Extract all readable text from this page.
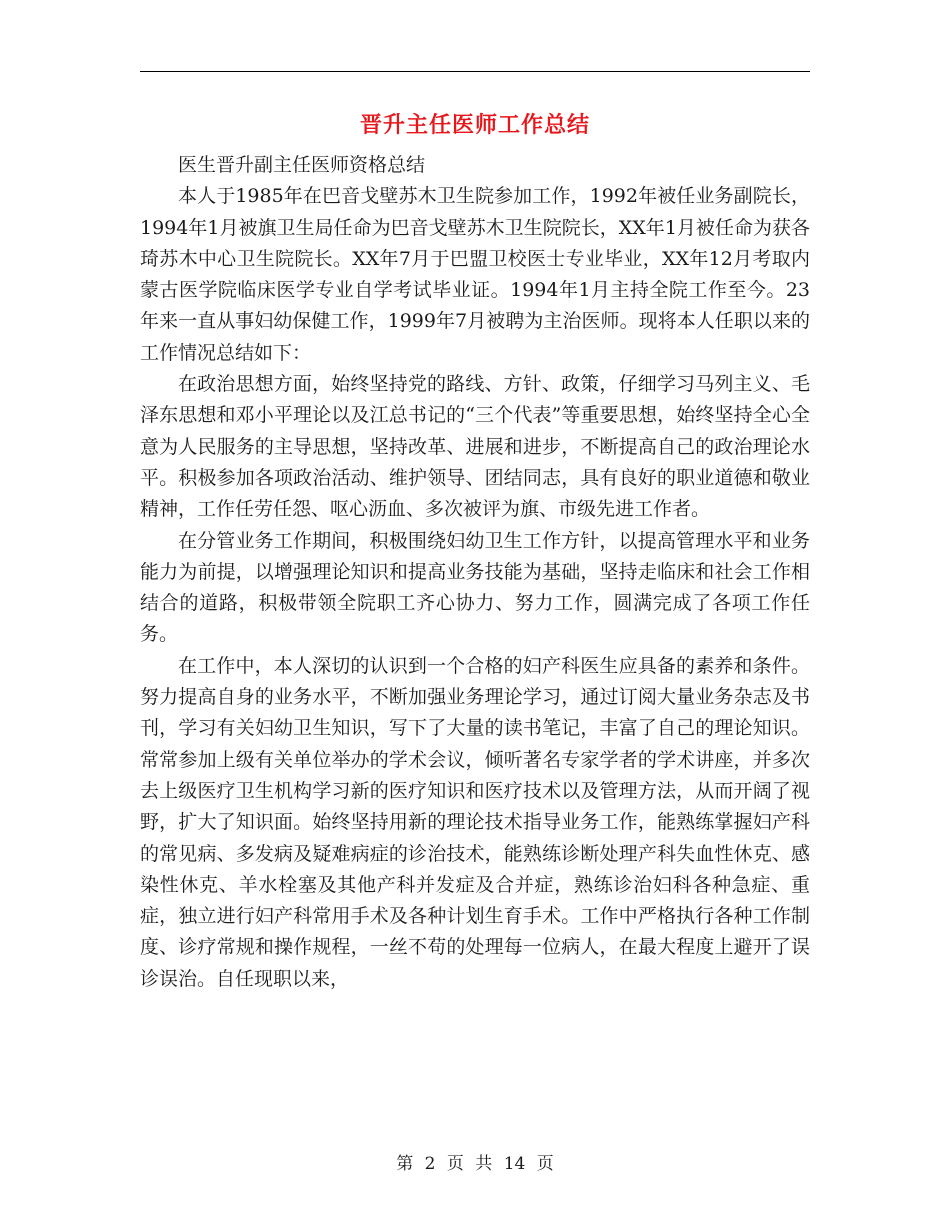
晋升主任医师工作总结

医生晋升副主任医师资格总结

本人于1985年在巴音戈壁苏木卫生院参加工作，1992年被任业务副院长，1994年1月被旗卫生局任命为巴音戈壁苏木卫生院院长，XX年1月被任命为获各琦苏木中心卫生院院长。XX年7月于巴盟卫校医士专业毕业，XX年12月考取内蒙古医学院临床医学专业自学考试毕业证。1994年1月主持全院工作至今。23年来一直从事妇幼保健工作，1999年7月被聘为主治医师。现将本人任职以来的工作情况总结如下：

在政治思想方面，始终坚持党的路线、方针、政策，仔细学习马列主义、毛泽东思想和邓小平理论以及江总书记的“三个代表”等重要思想，始终坚持全心全意为人民服务的主导思想，坚持改革、进展和进步，不断提高自己的政治理论水平。积极参加各项政治活动、维护领导、团结同志，具有良好的职业道德和敬业精神，工作任劳任怨、呕心沥血、多次被评为旗、市级先进工作者。

在分管业务工作期间，积极围绕妇幼卫生工作方针，以提高管理水平和业务能力为前提，以增强理论知识和提高业务技能为基础，坚持走临床和社会工作相结合的道路，积极带领全院职工齐心协力、努力工作，圆满完成了各项工作任务。

在工作中，本人深切的认识到一个合格的妇产科医生应具备的素养和条件。努力提高自身的业务水平，不断加强业务理论学习，通过订阅大量业务杂志及书刊，学习有关妇幼卫生知识，写下了大量的读书笔记，丰富了自己的理论知识。常常参加上级有关单位举办的学术会议，倾听著名专家学者的学术讲座，并多次去上级医疗卫生机构学习新的医疗知识和医疗技术以及管理方法，从而开阔了视野，扩大了知识面。始终坚持用新的理论技术指导业务工作，能熟练掌握妇产科的常见病、多发病及疑难病症的诊治技术，能熟练诊断处理产科失血性休克、感染性休克、羊水栓塞及其他产科并发症及合并症，熟练诊治妇科各种急症、重症，独立进行妇产科常用手术及各种计划生育手术。工作中严格执行各种工作制度、诊疗常规和操作规程，一丝不苟的处理每一位病人，在最大程度上避开了误诊误治。自任现职以来，

第 2 页 共 14 页
